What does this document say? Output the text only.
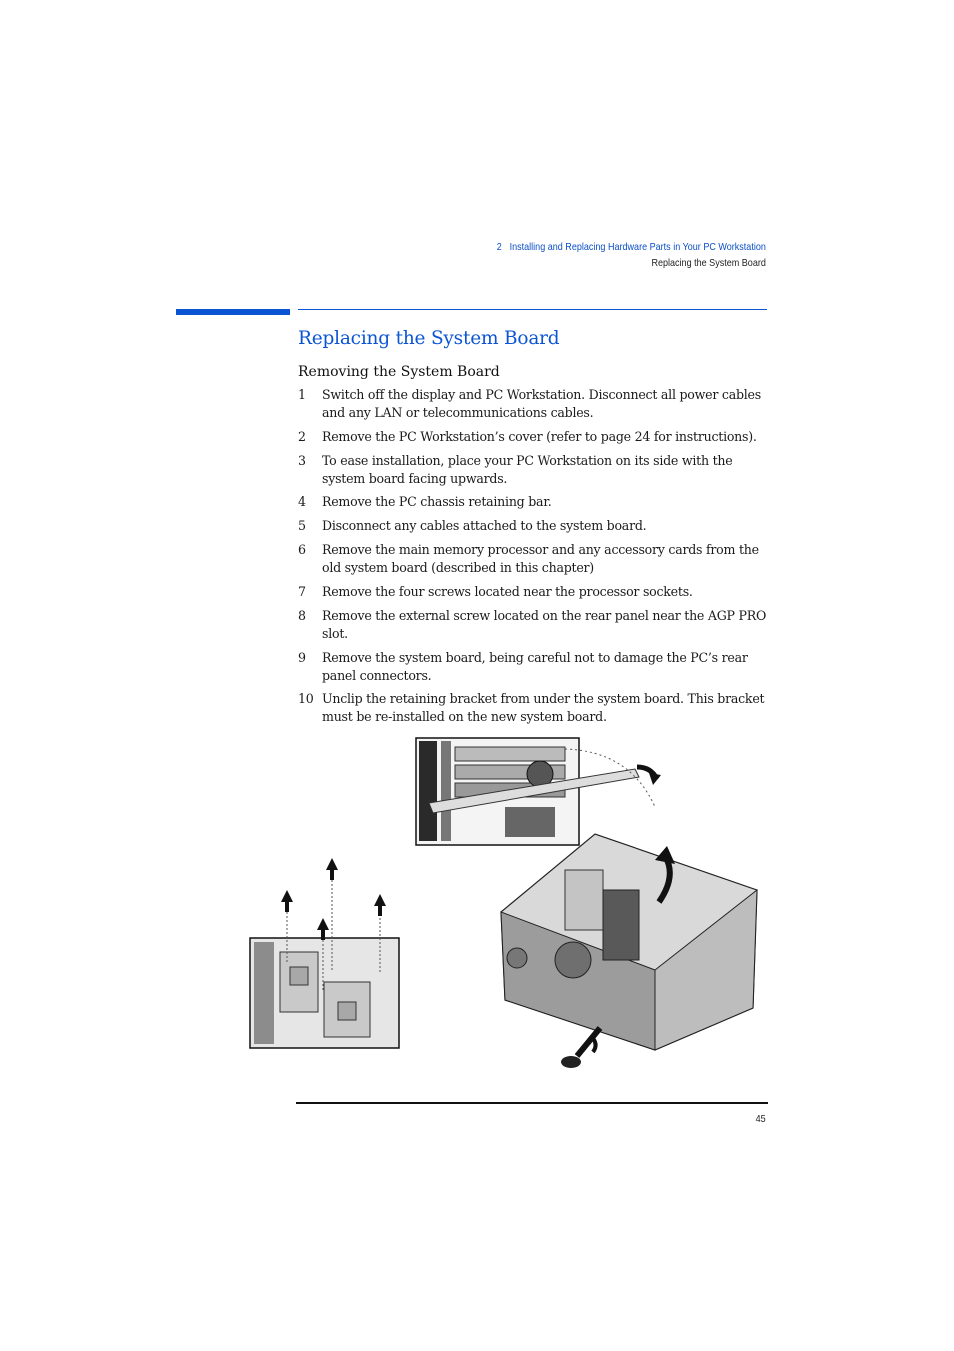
2 Installing and Replacing Hardware Parts in Your PC Workstation
Replacing the System Board
Replacing the System Board
Removing the System Board
1 Switch off the display and PC Workstation. Disconnect all power cables and any LAN or telecommunications cables.
2 Remove the PC Workstation’s cover (refer to page 24 for instructions).
3 To ease installation, place your PC Workstation on its side with the system board facing upwards.
4 Remove the PC chassis retaining bar.
5 Disconnect any cables attached to the system board.
6 Remove the main memory processor and any accessory cards from the old system board (described in this chapter)
7 Remove the four screws located near the processor sockets.
8 Remove the external screw located on the rear panel near the AGP PRO slot.
9 Remove the system board, being careful not to damage the PC’s rear panel connectors.
10 Unclip the retaining bracket from under the system board. This bracket must be re-installed on the new system board.
45
